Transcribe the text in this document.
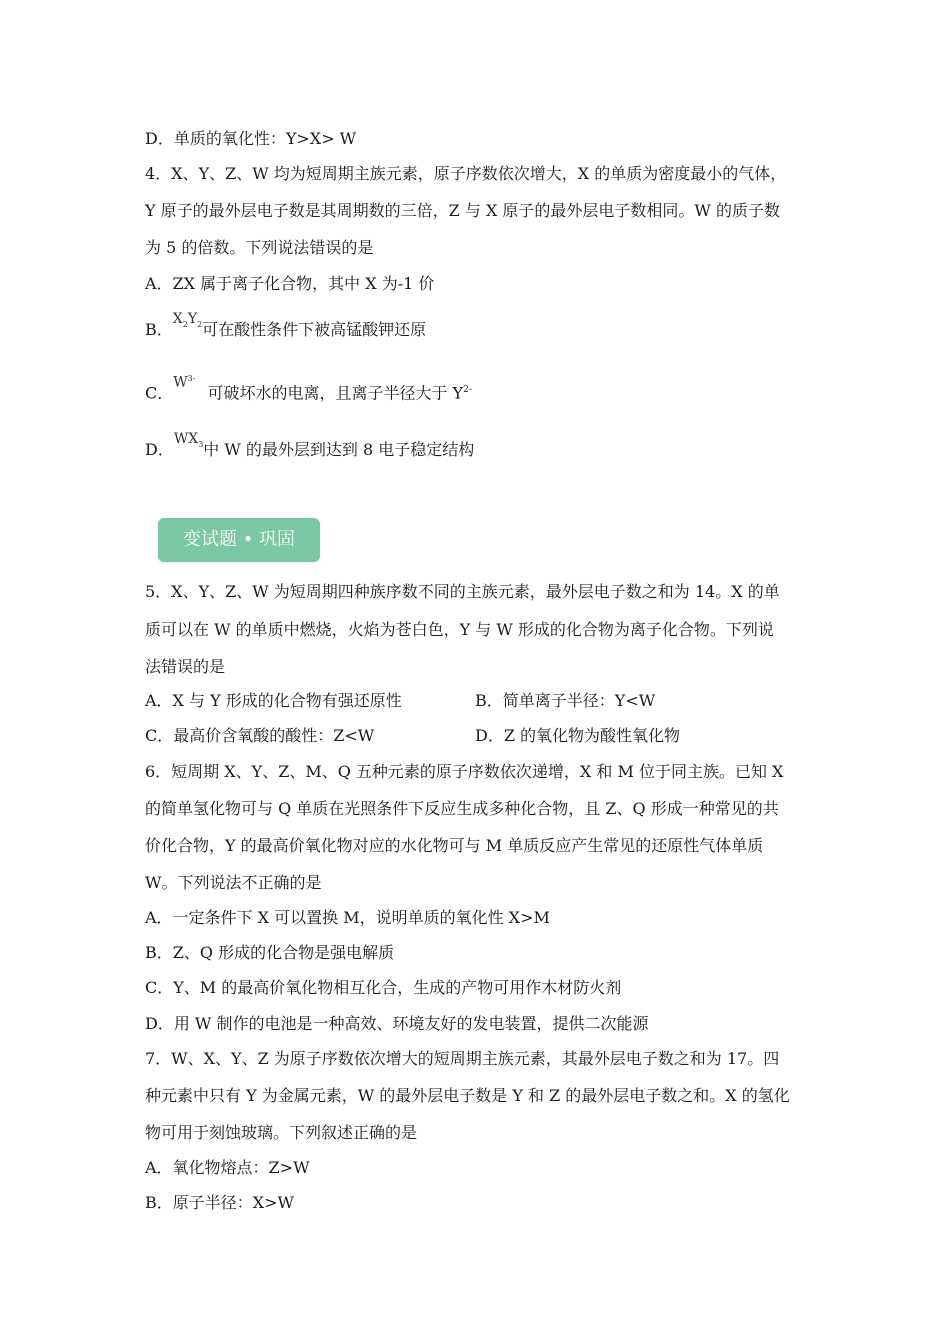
D．单质的氧化性：Y>X> W
4．X、Y、Z、W 均为短周期主族元素，原子序数依次增大，X 的单质为密度最小的气体，
Y 原子的最外层电子数是其周期数的三倍，Z 与 X 原子的最外层电子数相同。W 的质子数
为 5 的倍数。下列说法错误的是
A．ZX 属于离子化合物，其中 X 为-1 价
B．$X_2Y_2$可在酸性条件下被高锰酸钾还原
C．$W^{3-}$可破坏水的电离，且离子半径大于 $Y^{2-}$
D．$WX_3$中 W 的最外层到达到 8 电子稳定结构
5．X、Y、Z、W 为短周期四种族序数不同的主族元素，最外层电子数之和为 14。X 的单
质可以在 W 的单质中燃烧，火焰为苍白色，Y 与 W 形成的化合物为离子化合物。下列说
法错误的是
A．X 与 Y 形成的化合物有强还原性	B．简单离子半径：Y<W
C．最高价含氧酸的酸性：Z<W	D．Z 的氧化物为酸性氧化物
6．短周期 X、Y、Z、M、Q 五种元素的原子序数依次递增，X 和 M 位于同主族。已知 X
的简单氢化物可与 Q 单质在光照条件下反应生成多种化合物，且 Z、Q 形成一种常见的共
价化合物，Y 的最高价氧化物对应的水化物可与 M 单质反应产生常见的还原性气体单质
W。下列说法不正确的是
A．一定条件下 X 可以置换 M，说明单质的氧化性 X>M
B．Z、Q 形成的化合物是强电解质
C．Y、M 的最高价氧化物相互化合，生成的产物可用作木材防火剂
D．用 W 制作的电池是一种高效、环境友好的发电装置，提供二次能源
7．W、X、Y、Z 为原子序数依次增大的短周期主族元素，其最外层电子数之和为 17。四
种元素中只有 Y 为金属元素，W 的最外层电子数是 Y 和 Z 的最外层电子数之和。X 的氢化
物可用于刻蚀玻璃。下列叙述正确的是
A．氧化物熔点：Z>W
B．原子半径：X>W
变试题 • 巩固
